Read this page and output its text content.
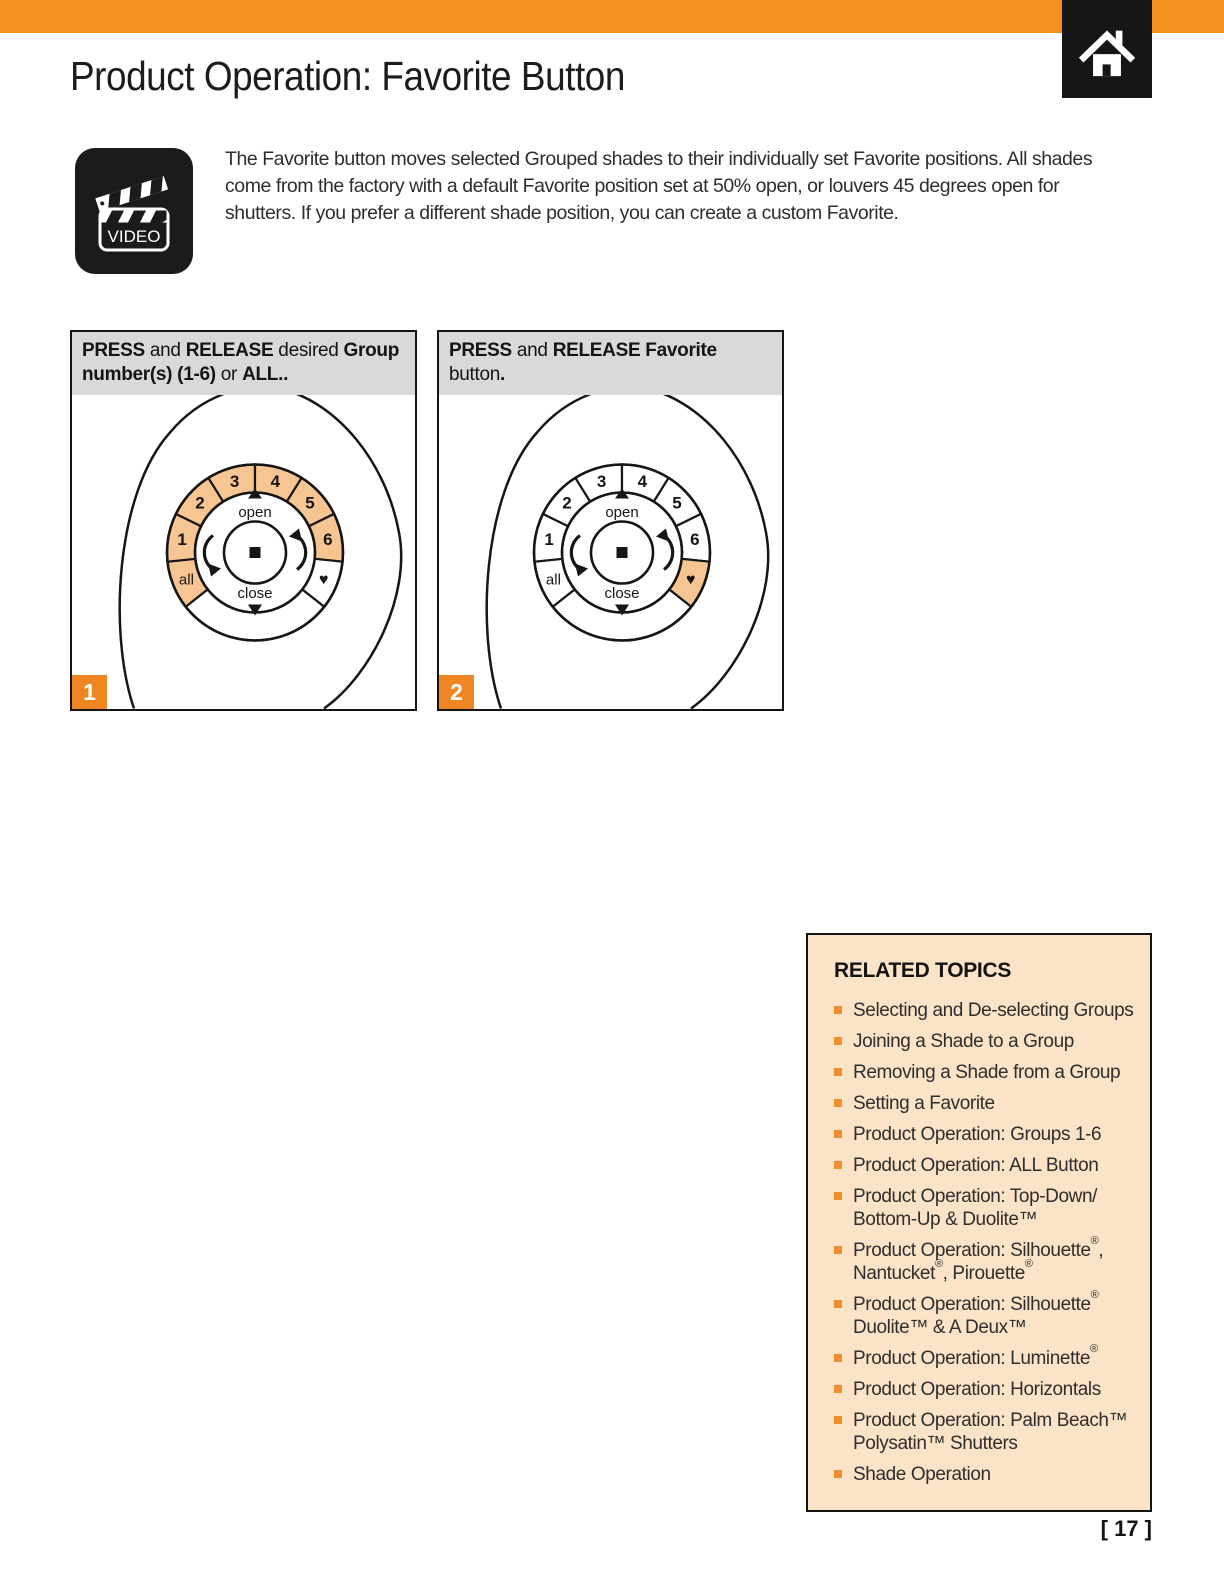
Product Operation: Favorite Button
VIDEO

The Favorite button moves selected Grouped shades to their individually set Favorite positions. All shades come from the factory with a default Favorite position set at 50% open, or louvers 45 degrees open for shutters. If you prefer a different shade position, you can create a custom Favorite.

all
1
2
3 4
5
6
♥
open
close
PRESS and RELEASE desired Group number(s) (1-6) or ALL..
1
all
1
2
3 4
5
6
♥
open
close
PRESS and RELEASE Favorite button.
2
RELATED TOPICS
Selecting and De-selecting Groups
Joining a Shade to a Group
Removing a Shade from a Group
Setting a Favorite
Product Operation: Groups 1-6
Product Operation: ALL Button
Product Operation: Top-Down/
Bottom-Up & Duolite™
Product Operation: Silhouette®,
Nantucket®, Pirouette®
Product Operation: Silhouette®
Duolite™ & A Deux™
Product Operation: Luminette®
Product Operation: Horizontals
Product Operation: Palm Beach™
Polysatin™ Shutters
Shade Operation
[ 17 ]
